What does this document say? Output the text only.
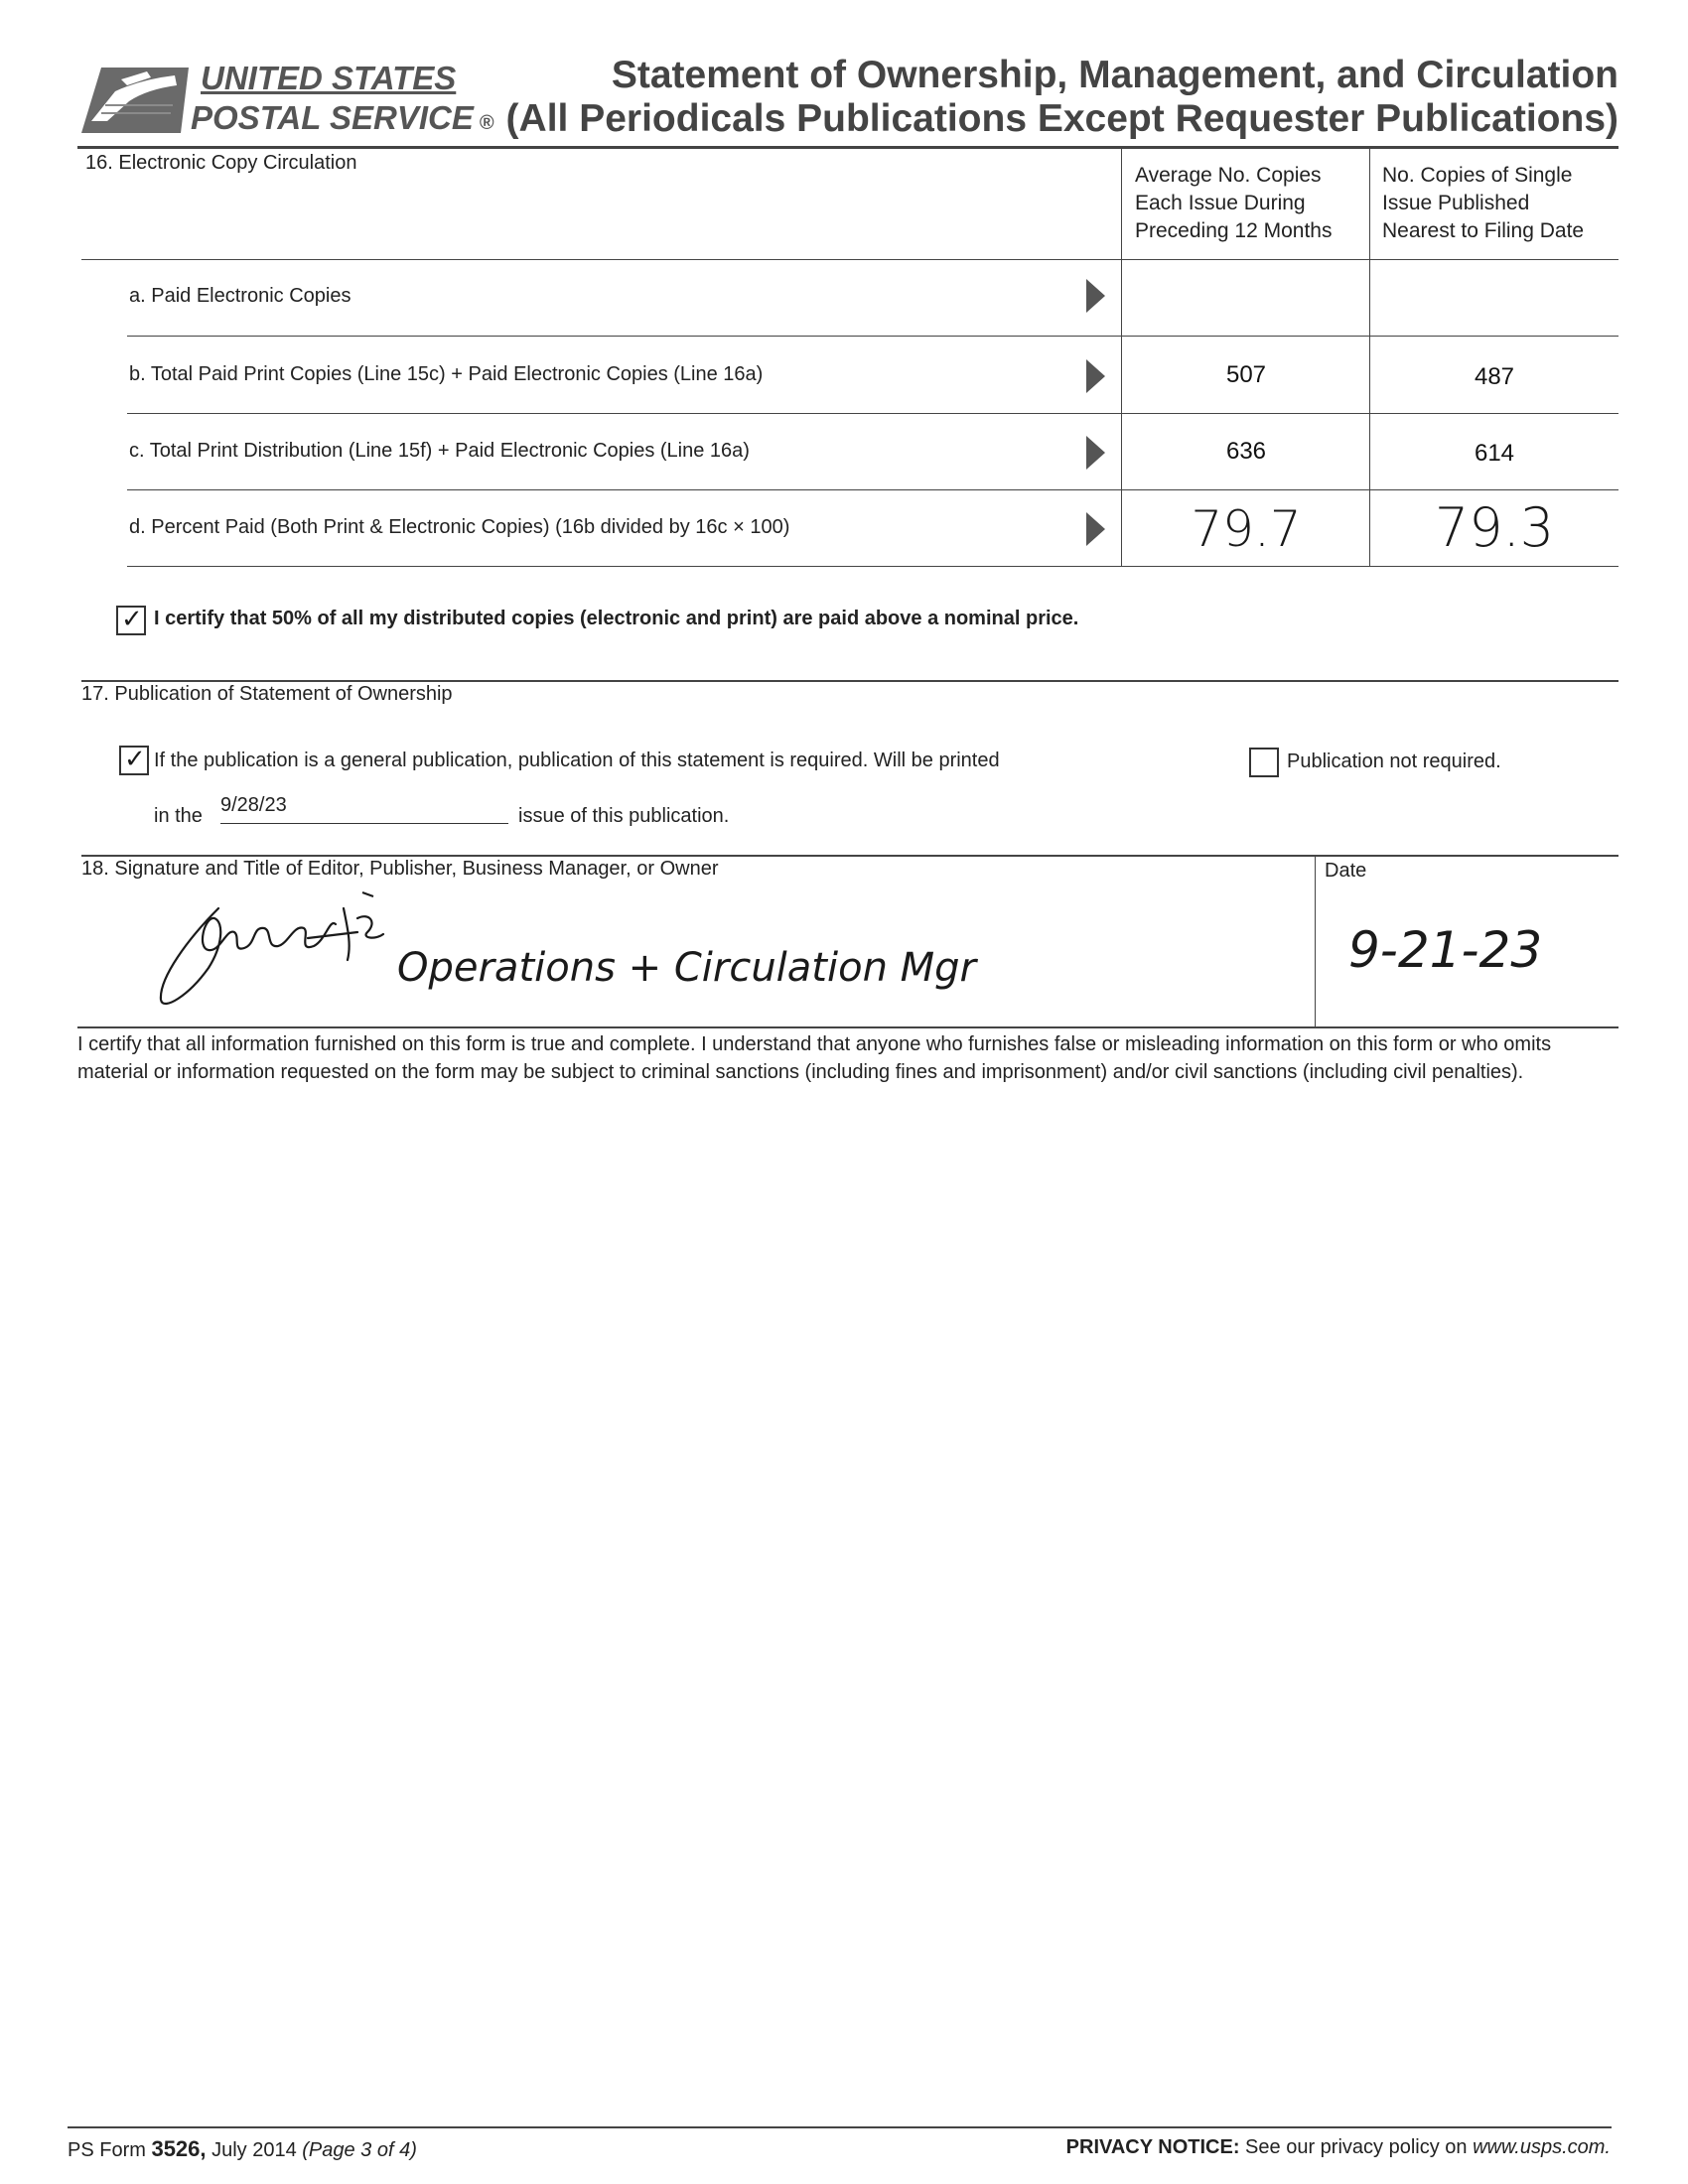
UNITED STATES
POSTAL SERVICE ®
Statement of Ownership, Management, and Circulation
(All Periodicals Publications Except Requester Publications)
16. Electronic Copy Circulation
Average No. Copies
Each Issue During
Preceding 12 Months
No. Copies of Single
Issue Published
Nearest to Filing Date
a. Paid Electronic Copies
b. Total Paid Print Copies (Line 15c) + Paid Electronic Copies (Line 16a)	507	487
c. Total Print Distribution (Line 15f) + Paid Electronic Copies (Line 16a)	636	614
d. Percent Paid (Both Print & Electronic Copies) (16b divided by 16c × 100)	79.7	79.3
✓ I certify that 50% of all my distributed copies (electronic and print) are paid above a nominal price.
17. Publication of Statement of Ownership
✓ If the publication is a general publication, publication of this statement is required. Will be printed	Publication not required.
in the 9/28/23	issue of this publication.
18. Signature and Title of Editor, Publisher, Business Manager, or Owner	Date
Operations + Circulation Mgr	9-21-23
I certify that all information furnished on this form is true and complete. I understand that anyone who furnishes false or misleading information on this form or who omits material or information requested on the form may be subject to criminal sanctions (including fines and imprisonment) and/or civil sanctions (including civil penalties).
PS Form 3526, July 2014 (Page 3 of 4)	PRIVACY NOTICE: See our privacy policy on www.usps.com.
